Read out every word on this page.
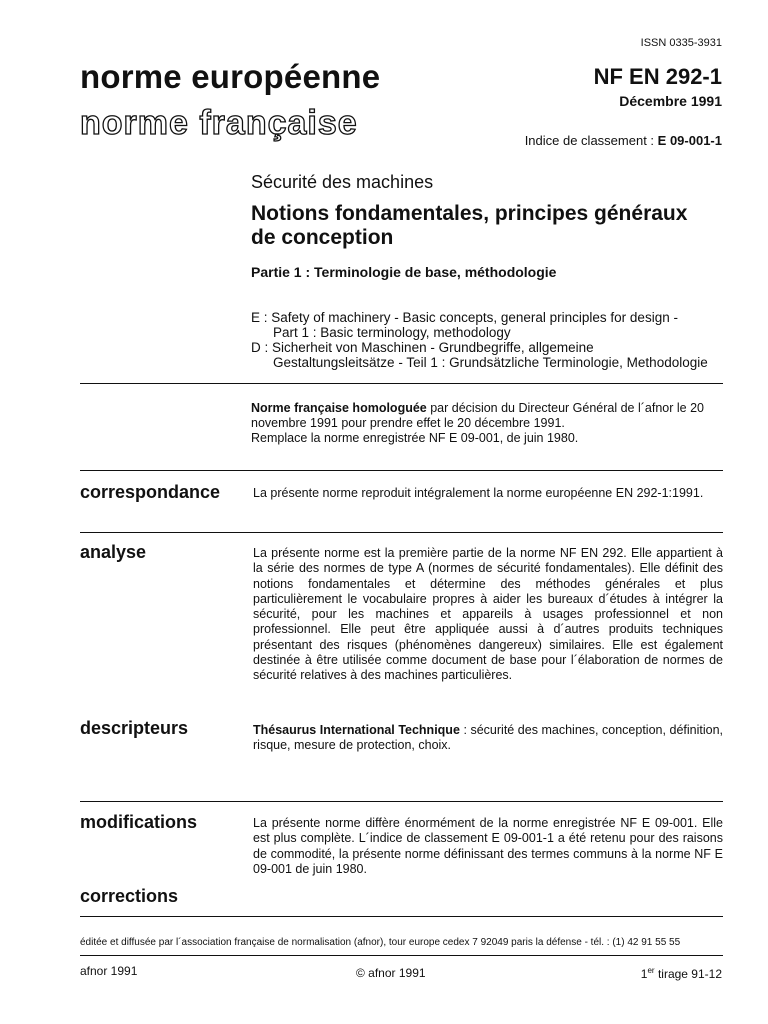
ISSN 0335-3931
norme européenne
norme française
NF EN 292-1
Décembre 1991
Indice de classement : E 09-001-1
Sécurité des machines
Notions fondamentales, principes généraux de conception
Partie 1 : Terminologie de base, méthodologie
E : Safety of machinery - Basic concepts, general principles for design -
Part 1 : Basic terminology, methodology
D : Sicherheit von Maschinen - Grundbegriffe, allgemeine
Gestaltungsleitsätze - Teil 1 : Grundsätzliche Terminologie, Methodologie
Norme française homologuée par décision du Directeur Général de l´afnor le 20 novembre 1991 pour prendre effet le 20 décembre 1991.
Remplace la norme enregistrée NF E 09-001, de juin 1980.
correspondance	La présente norme reproduit intégralement la norme européenne EN 292-1:1991.
analyse	La présente norme est la première partie de la norme NF EN 292. Elle appartient à la série des normes de type A (normes de sécurité fondamentales). Elle définit des notions fondamentales et détermine des méthodes générales et plus particulièrement le vocabulaire propres à aider les bureaux d´études à intégrer la sécurité, pour les machines et appareils à usages professionnel et non professionnel. Elle peut être appliquée aussi à d´autres produits techniques présentant des risques (phénomènes dangereux) similaires. Elle est également destinée à être utilisée comme document de base pour l´élaboration de normes de sécurité relatives à des machines particulières.
descripteurs	Thésaurus International Technique : sécurité des machines, conception, définition, risque, mesure de protection, choix.
modifications	La présente norme diffère énormément de la norme enregistrée NF E 09-001. Elle est plus complète. L´indice de classement E 09-001-1 a été retenu pour des raisons de commodité, la présente norme définissant des termes communs à la norme NF E 09-001 de juin 1980.
corrections
éditée et diffusée par l´association française de normalisation (afnor), tour europe cedex 7 92049 paris la défense - tél. : (1) 42 91 55 55
afnor 1991	© afnor 1991	1er tirage 91-12
